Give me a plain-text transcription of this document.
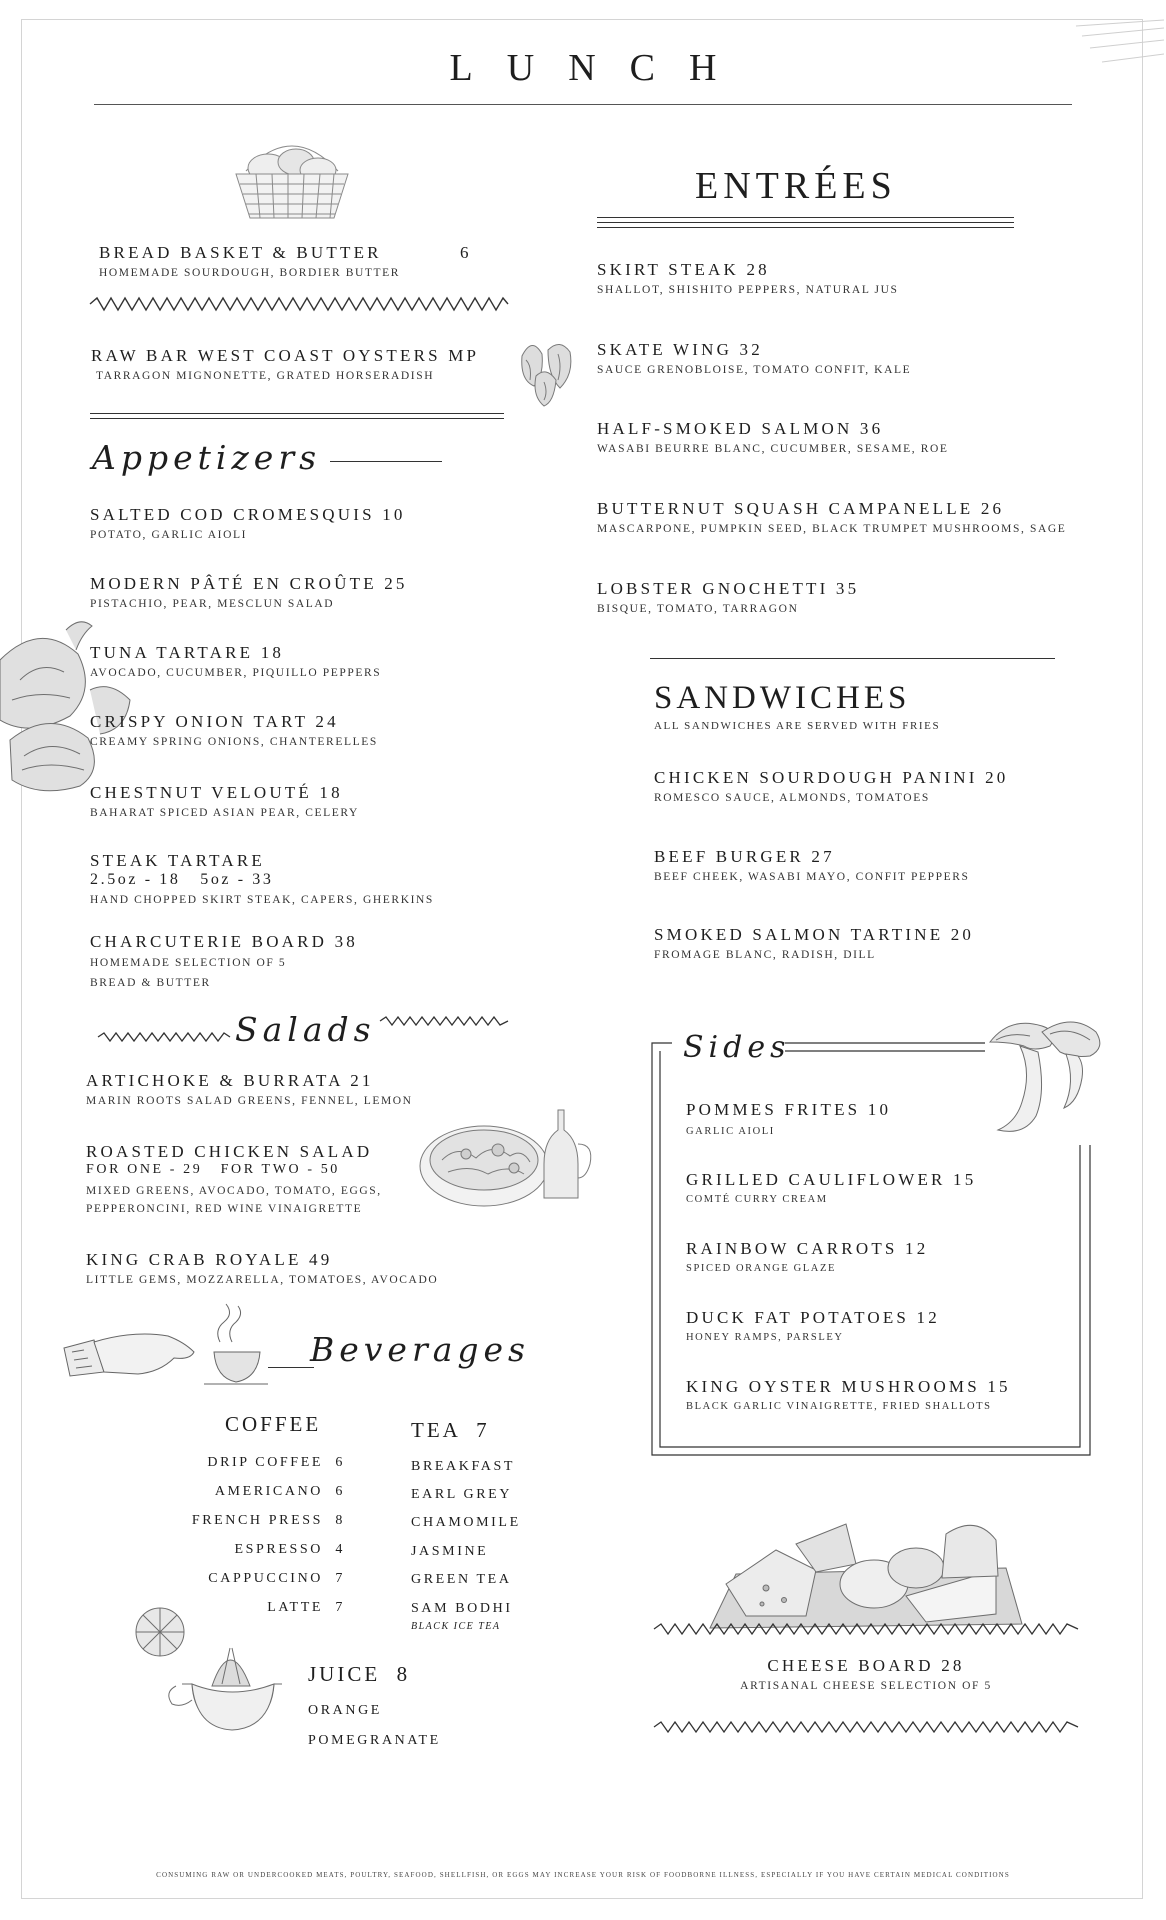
LUNCH
BREAD BASKET & BUTTER	6
HOMEMADE SOURDOUGH, BORDIER BUTTER
RAW BAR WEST COAST OYSTERS MP
TARRAGON MIGNONETTE, GRATED HORSERADISH
Appetizers
SALTED COD CROMESQUIS 10
POTATO, GARLIC AIOLI
MODERN PÂTÉ EN CROÛTE 25
PISTACHIO, PEAR, MESCLUN SALAD
TUNA TARTARE 18
AVOCADO, CUCUMBER, PIQUILLO PEPPERS
CRISPY ONION TART 24
CREAMY SPRING ONIONS, CHANTERELLES
CHESTNUT VELOUTÉ 18
BAHARAT SPICED ASIAN PEAR, CELERY
STEAK TARTARE
2.5oz - 18   5oz - 33
HAND CHOPPED SKIRT STEAK, CAPERS, GHERKINS
CHARCUTERIE BOARD 38
HOMEMADE SELECTION OF 5
BREAD & BUTTER
Salads
ARTICHOKE & BURRATA 21
MARIN ROOTS SALAD GREENS, FENNEL, LEMON
ROASTED CHICKEN SALAD
FOR ONE - 29   FOR TWO - 50
MIXED GREENS, AVOCADO, TOMATO, EGGS,
PEPPERONCINI, RED WINE VINAIGRETTE
KING CRAB ROYALE 49
LITTLE GEMS, MOZZARELLA, TOMATOES, AVOCADO
Beverages
COFFEE
DRIP COFFEE 6
AMERICANO 6
FRENCH PRESS 8
ESPRESSO 4
CAPPUCCINO 7
LATTE 7
TEA  7
BREAKFAST
EARL GREY
CHAMOMILE
JASMINE
GREEN TEA
SAM BODHI
BLACK ICE TEA
JUICE  8
ORANGE
POMEGRANATE
ENTRÉES
SKIRT STEAK 28
SHALLOT, SHISHITO PEPPERS, NATURAL JUS
SKATE WING 32
SAUCE GRENOBLOISE, TOMATO CONFIT, KALE
HALF-SMOKED SALMON 36
WASABI BEURRE BLANC, CUCUMBER, SESAME, ROE
BUTTERNUT SQUASH CAMPANELLE 26
MASCARPONE, PUMPKIN SEED, BLACK TRUMPET MUSHROOMS, SAGE
LOBSTER GNOCHETTI 35
BISQUE, TOMATO, TARRAGON
SANDWICHES
ALL SANDWICHES ARE SERVED WITH FRIES
CHICKEN SOURDOUGH PANINI 20
ROMESCO SAUCE, ALMONDS, TOMATOES
BEEF BURGER 27
BEEF CHEEK, WASABI MAYO, CONFIT PEPPERS
SMOKED SALMON TARTINE 20
FROMAGE BLANC, RADISH, DILL
Sides
POMMES FRITES 10
GARLIC AIOLI
GRILLED CAULIFLOWER 15
COMTÉ CURRY CREAM
RAINBOW CARROTS 12
SPICED ORANGE GLAZE
DUCK FAT POTATOES 12
HONEY RAMPS, PARSLEY
KING OYSTER MUSHROOMS 15
BLACK GARLIC VINAIGRETTE, FRIED SHALLOTS
CHEESE BOARD 28
ARTISANAL CHEESE SELECTION OF 5
CONSUMING RAW OR UNDERCOOKED MEATS, POULTRY, SEAFOOD, SHELLFISH, OR EGGS MAY INCREASE YOUR RISK OF FOODBORNE ILLNESS, ESPECIALLY IF YOU HAVE CERTAIN MEDICAL CONDITIONS
